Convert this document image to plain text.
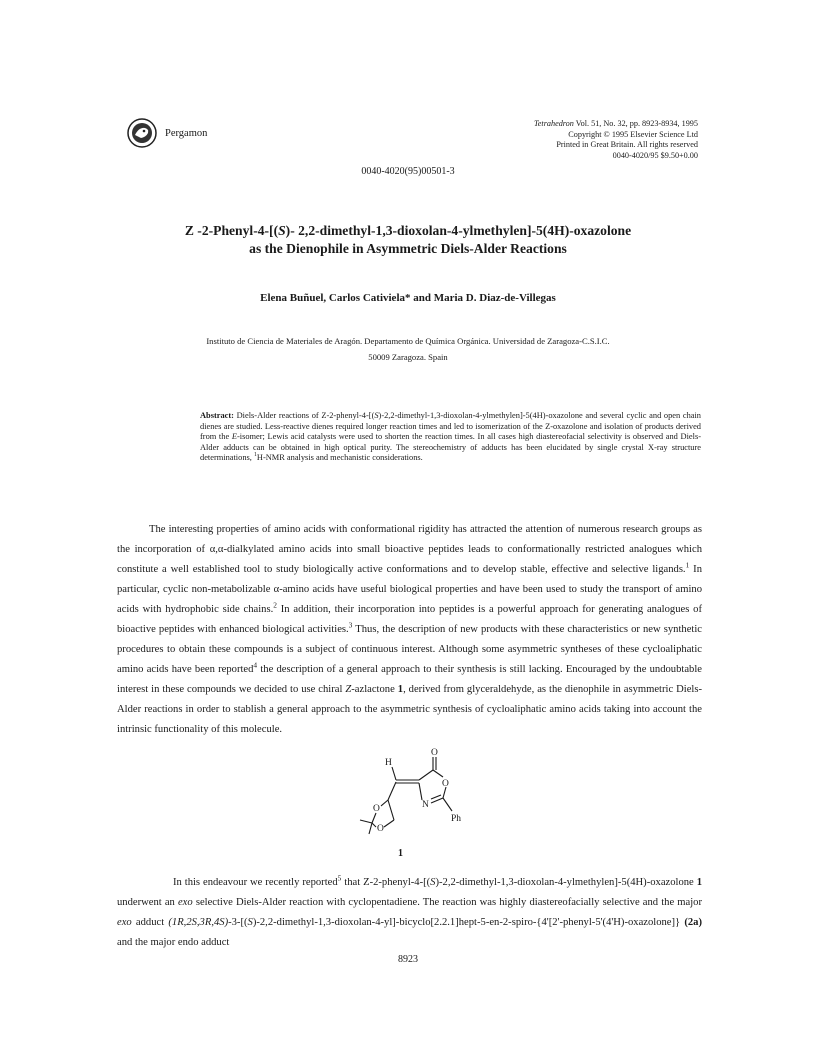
Pergamon
Tetrahedron Vol. 51, No. 32, pp. 8923-8934, 1995
Copyright © 1995 Elsevier Science Ltd
Printed in Great Britain. All rights reserved
0040-4020/95 $9.50+0.00
0040-4020(95)00501-3
Z -2-Phenyl-4-[(S)- 2,2-dimethyl-1,3-dioxolan-4-ylmethylen]-5(4H)-oxazolone
as the Dienophile in Asymmetric Diels-Alder Reactions
Elena Buñuel, Carlos Cativiela* and Maria D. Diaz-de-Villegas
Instituto de Ciencia de Materiales de Aragón. Departamento de Química Orgánica. Universidad de Zaragoza-C.S.I.C.
50009 Zaragoza. Spain
Abstract: Diels-Alder reactions of Z-2-phenyl-4-[(S)-2,2-dimethyl-1,3-dioxolan-4-ylmethylen]-5(4H)-oxazolone and several cyclic and open chain dienes are studied. Less-reactive dienes required longer reaction times and led to isomerization of the Z-oxazolone and isolation of products derived from the E-isomer; Lewis acid catalysts were used to shorten the reaction times. In all cases high diastereofacial selectivity is observed and Diels-Alder adducts can be obtained in high optical purity. The stereochemistry of adducts has been elucidated by single crystal X-ray structure determinations, $^1$H-NMR analysis and mechanistic considerations.

The interesting properties of amino acids with conformational rigidity has attracted the attention of numerous research groups as the incorporation of α,α-dialkylated amino acids into small bioactive peptides leads to conformationally restricted analogues which constitute a well established tool to study biologically active conformations and to develop stable, effective and selective ligands.$^1$ In particular, cyclic non-metabolizable α-amino acids have useful biological properties and have been used to study the transport of amino acids with hydrophobic side chains.$^2$ In addition, their incorporation into peptides is a powerful approach for generating analogues of bioactive peptides with enhanced biological activities.$^3$ Thus, the description of new products with these characteristics or new synthetic procedures to obtain these compounds is a subject of continuous interest. Although some asymmetric syntheses of these cycloaliphatic amino acids have been reported$^4$ the description of a general approach to their synthesis is still lacking. Encouraged by the undoubtable interest in these compounds we decided to use chiral Z-azlactone 1, derived from glyceraldehyde, as the dienophile in asymmetric Diels-Alder reactions in order to stablish a general approach to the asymmetric synthesis of cycloaliphatic amino acids taking into account the intrinsic functionality of this molecule.

H
O
O
N
Ph
O
O
1

In this endeavour we recently reported$^5$ that Z-2-phenyl-4-[(S)-2,2-dimethyl-1,3-dioxolan-4-ylmethylen]-5(4H)-oxazolone 1 underwent an exo selective Diels-Alder reaction with cyclopentadiene. The reaction was highly diastereofacially selective and the major exo adduct (1R,2S,3R,4S)-3-[(S)-2,2-dimethyl-1,3-dioxolan-4-yl]-bicyclo[2.2.1]hept-5-en-2-spiro-{4'[2'-phenyl-5'(4'H)-oxazolone]} (2a) and the major endo adduct

8923
